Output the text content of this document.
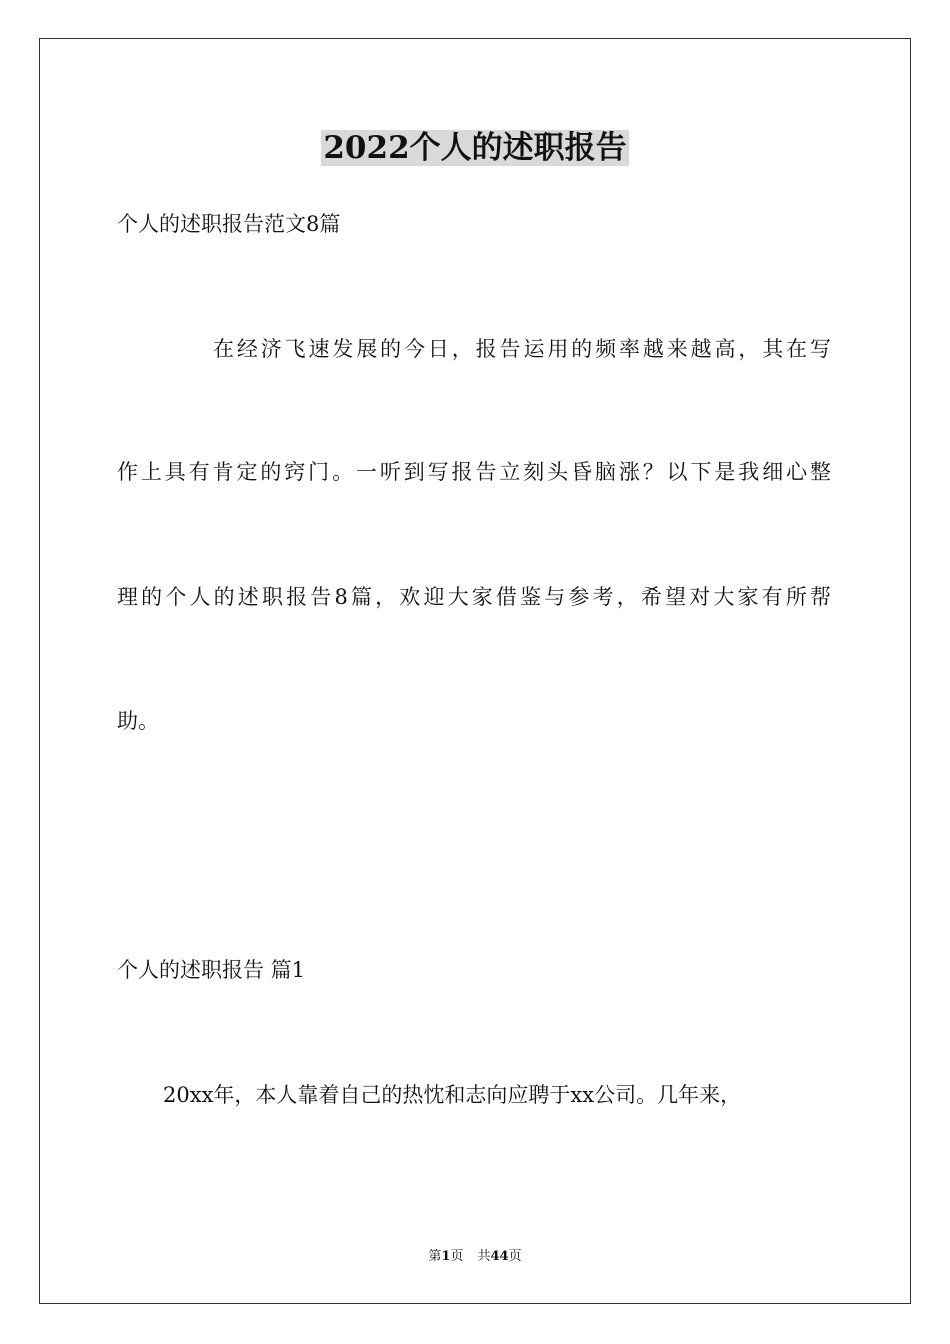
2022个人的述职报告
个人的述职报告范文8篇
在经济飞速发展的今日，报告运用的频率越来越高，其在写
作上具有肯定的窍门。一听到写报告立刻头昏脑涨？以下是我细心整
理的个人的述职报告8篇，欢迎大家借鉴与参考，希望对大家有所帮
助。
个人的述职报告 篇1
20xx年，本人靠着自己的热忱和志向应聘于xx公司。几年来，
第1页 共44页
